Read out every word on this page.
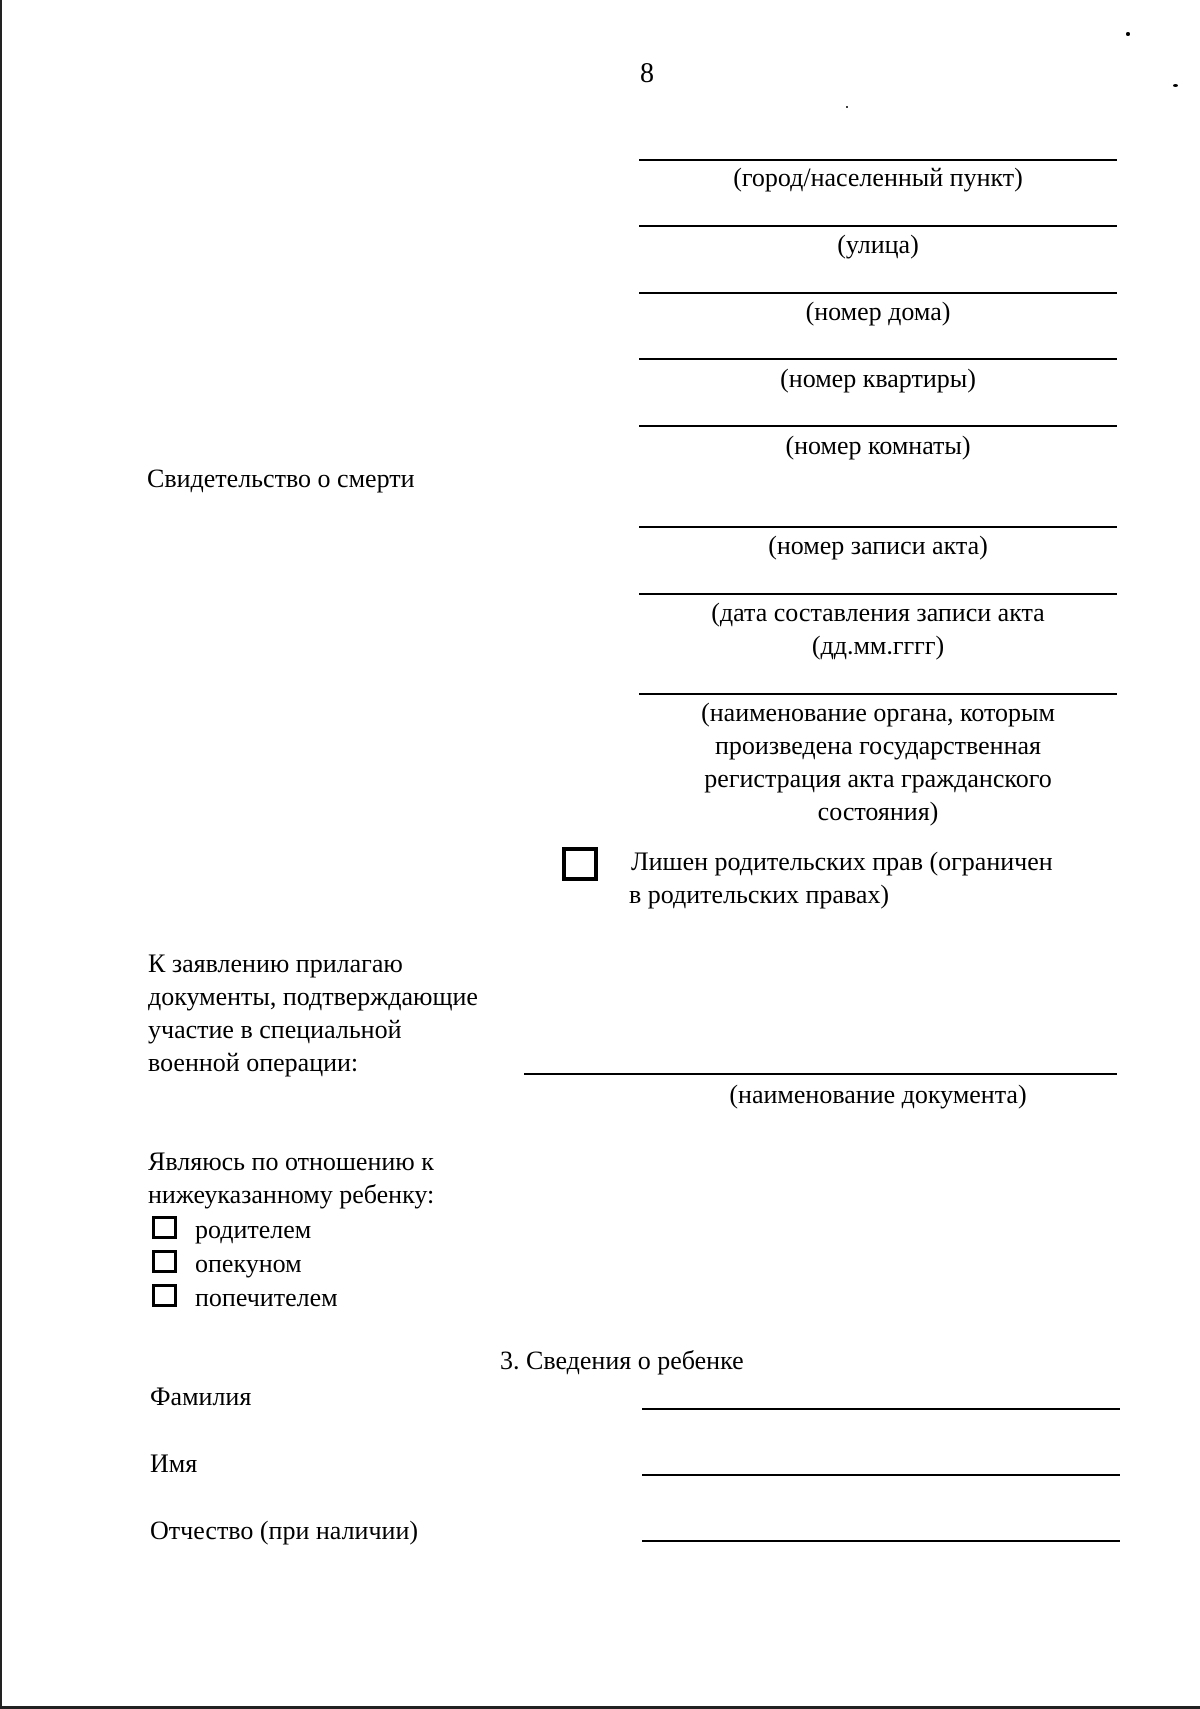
8
(город/населенный пункт)
(улица)
(номер дома)
(номер квартиры)
(номер комнаты)
Свидетельство о смерти
(номер записи акта)
(дата составления записи акта
(дд.мм.гггг)
(наименование органа, которым
произведена государственная
регистрация акта гражданского
состояния)
Лишен родительских прав (ограничен
в родительских правах)
К заявлению прилагаю
документы, подтверждающие
участие в специальной
военной операции:
(наименование документа)
Являюсь по отношению к
нижеуказанному ребенку:
родителем
опекуном
попечителем
3. Сведения о ребенке
Фамилия
Имя
Отчество (при наличии)
